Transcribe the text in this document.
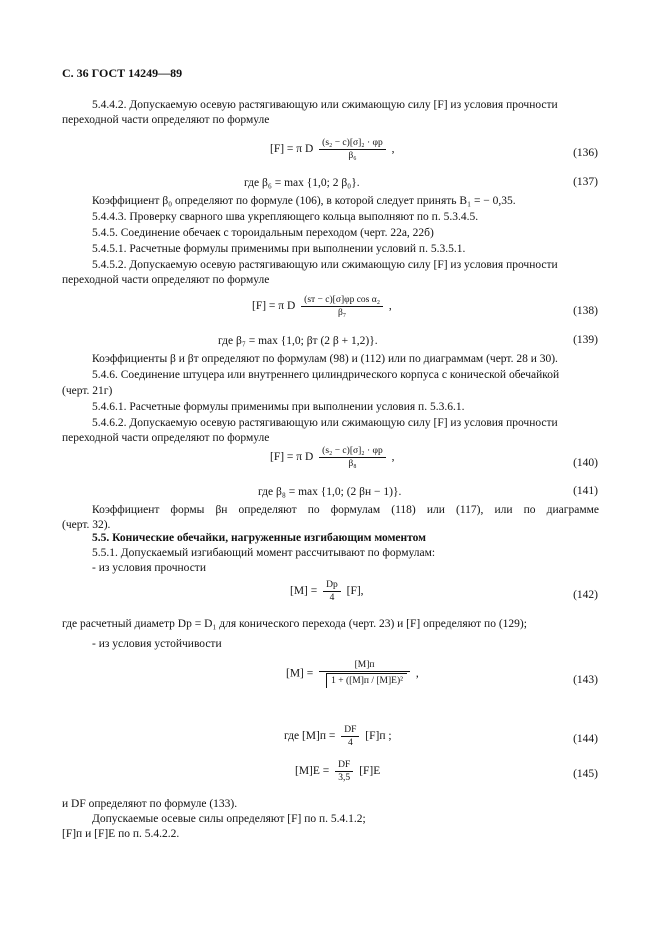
С. 36 ГОСТ 14249—89
5.4.4.2. Допускаемую осевую растягивающую или сжимающую силу [F] из условия прочности
переходной части определяют по формуле
[F] = π D $\frac{\text{(s₂ − c)[σ]₂ · φр}}{\text{β₆}}$ ,	(136)
где β₆ = max {1,0; 2 β₀}.	(137)
Коэффициент β₀ определяют по формуле (106), в которой следует принять B₁ = − 0,35.
5.4.4.3. Проверку сварного шва укрепляющего кольца выполняют по п. 5.3.4.5.
5.4.5. Соединение обечаек с тороидальным переходом (черт. 22а, 22б)
5.4.5.1. Расчетные формулы применимы при выполнении условий п. 5.3.5.1.
5.4.5.2. Допускаемую осевую растягивающую или сжимающую силу [F] из условия прочности
переходной части определяют по формуле
[F] = π D $\frac{\text{(sт − c)[σ]φр cos α₂}}{\text{β₇}}$ ,	(138)
где β₇ = max {1,0; βт (2 β + 1,2)}.	(139)
Коэффициенты β и βт определяют по формулам (98) и (112) или по диаграммам (черт. 28 и 30).
5.4.6. Соединение штуцера или внутреннего цилиндрического корпуса с конической обечайкой
(черт. 21г)
5.4.6.1. Расчетные формулы применимы при выполнении условия п. 5.3.6.1.
5.4.6.2. Допускаемую осевую растягивающую или сжимающую силу [F] из условия прочности
переходной части определяют по формуле
[F] = π D $\frac{\text{(s₂ − c)[σ]₂ · φр}}{\text{β₈}}$ ,	(140)
где β₈ = max {1,0; (2 βн − 1)}.	(141)
Коэффициент формы βн определяют по формулам (118) или (117), или по диаграмме
(черт. 32).
5.5. Конические обечайки, нагруженные изгибающим моментом
5.5.1. Допускаемый изгибающий момент рассчитывают по формулам:
- из условия прочности
$[M] = \frac{Dр}{4} [F]$,	(142)
где расчетный диаметр Dр = D₁ для конического перехода (черт. 23) и [F] определяют по (129);
- из условия устойчивости
$[M] = \frac{[M]п}{\text{1 + ([M]п / [M]E)²}}$ ,
(143)
где $[M]п = \frac{DF}{4} [F]п$ ;	(144)
$[M]E = \frac{DF}{3,5} [F]E$	(145)
и DF определяют по формуле (133).
Допускаемые осевые силы определяют [F] по п. 5.4.1.2;
[F]п и [F]E по п. 5.4.2.2.
